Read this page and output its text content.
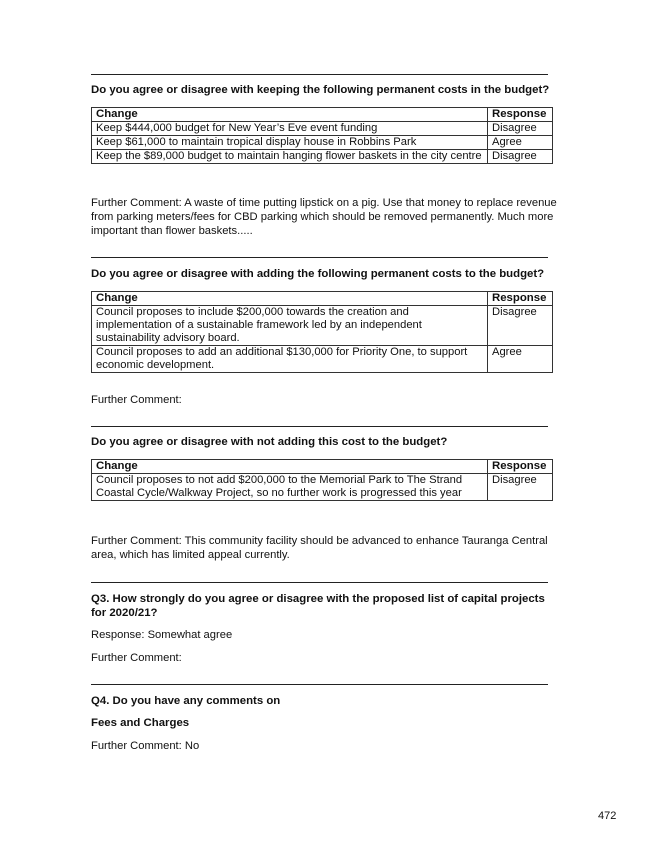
Do you agree or disagree with keeping the following permanent costs in the budget?
Change	Response
Keep $444,000 budget for New Year’s Eve event funding	Disagree
Keep $61,000 to maintain tropical display house in Robbins Park	Agree
Keep the $89,000 budget to maintain hanging flower baskets in the city centre	Disagree
Further Comment: A waste of time putting lipstick on a pig. Use that money to replace revenue from parking meters/fees for CBD parking which should be removed permanently. Much more important than flower baskets.....
Do you agree or disagree with adding the following permanent costs to the budget?
Change	Response
Council proposes to include $200,000 towards the creation and implementation of a sustainable framework led by an independent sustainability advisory board.	Disagree
Council proposes to add an additional $130,000 for Priority One, to support economic development.	Agree
Further Comment:
Do you agree or disagree with not adding this cost to the budget?
Change	Response
Council proposes to not add $200,000 to the Memorial Park to The Strand Coastal Cycle/Walkway Project, so no further work is progressed this year	Disagree
Further Comment: This community facility should be advanced to enhance Tauranga Central area, which has limited appeal currently.
Q3. How strongly do you agree or disagree with the proposed list of capital projects for 2020/21?
Response: Somewhat agree
Further Comment:
Q4. Do you have any comments on
Fees and Charges
Further Comment: No
472
